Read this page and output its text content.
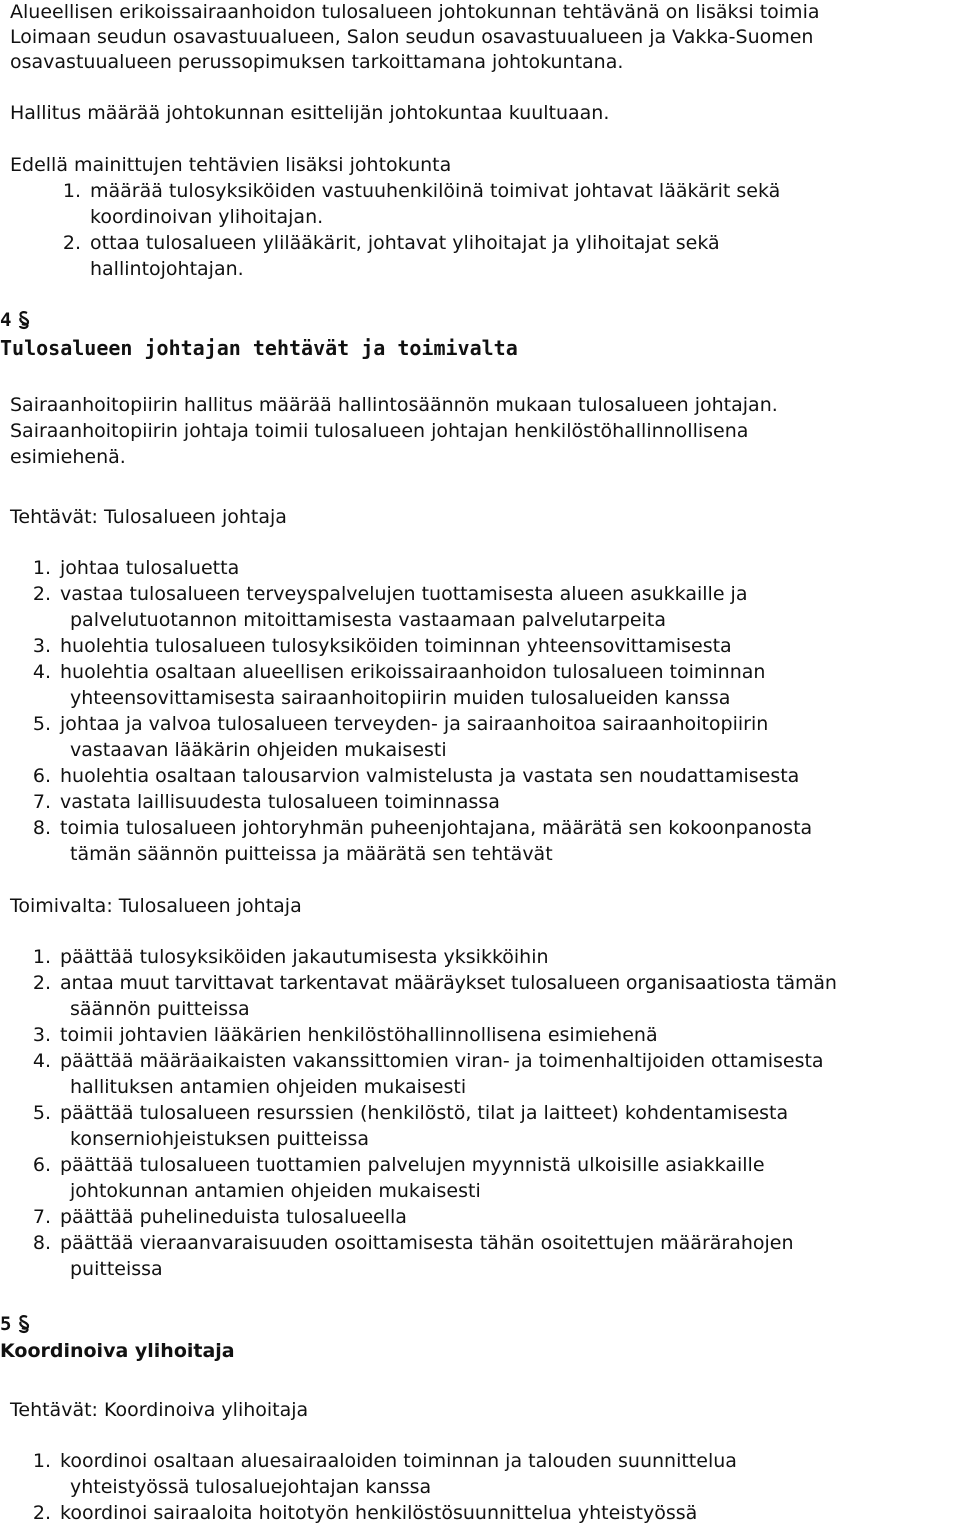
Alueellisen erikoissairaanhoidon tulosalueen johtokunnan tehtävänä on lisäksi toimia
Loimaan seudun osavastuualueen, Salon seudun osavastuualueen ja Vakka-Suomen
osavastuualueen perussopimuksen tarkoittamana johtokuntana.
Hallitus määrää johtokunnan esittelijän johtokuntaa kuultuaan.
Edellä mainittujen tehtävien lisäksi johtokunta
1. määrää tulosyksiköiden vastuuhenkilöinä toimivat johtavat lääkärit sekä
koordinoivan ylihoitajan.
2. ottaa tulosalueen ylilääkärit, johtavat ylihoitajat ja ylihoitajat sekä
hallintojohtajan.
4
Tulosalueen johtajan tehtävät ja toimivalta
Sairaanhoitopiirin hallitus määrää hallintosäännön mukaan tulosalueen johtajan.
Sairaanhoitopiirin johtaja toimii tulosalueen johtajan henkilöstöhallinnollisena
esimiehenä.
Tehtävät: Tulosalueen johtaja
1. johtaa tulosaluetta
2. vastaa tulosalueen terveyspalvelujen tuottamisesta alueen asukkaille ja
palvelutuotannon mitoittamisesta vastaamaan palvelutarpeita
3. huolehtia tulosalueen tulosyksiköiden toiminnan yhteensovittamisesta
4. huolehtia osaltaan alueellisen erikoissairaanhoidon tulosalueen toiminnan
yhteensovittamisesta sairaanhoitopiirin muiden tulosalueiden kanssa
5. johtaa ja valvoa tulosalueen terveyden- ja sairaanhoitoa sairaanhoitopiirin
vastaavan lääkärin ohjeiden mukaisesti
6. huolehtia osaltaan talousarvion valmistelusta ja vastata sen noudattamisesta
7. vastata laillisuudesta tulosalueen toiminnassa
8. toimia tulosalueen johtoryhmän puheenjohtajana, määrätä sen kokoonpanosta
tämän säännön puitteissa ja määrätä sen tehtävät
Toimivalta: Tulosalueen johtaja
1. päättää tulosyksiköiden jakautumisesta yksikköihin
2. antaa muut tarvittavat tarkentavat määräykset tulosalueen organisaatiosta tämän
säännön puitteissa
3. toimii johtavien lääkärien henkilöstöhallinnollisena esimiehenä
4. päättää määräaikaisten vakanssittomien viran- ja toimenhaltijoiden ottamisesta
hallituksen antamien ohjeiden mukaisesti
5. päättää tulosalueen resurssien (henkilöstö, tilat ja laitteet) kohdentamisesta
konserniohjeistuksen puitteissa
6. päättää tulosalueen tuottamien palvelujen myynnistä ulkoisille asiakkaille
johtokunnan antamien ohjeiden mukaisesti
7. päättää puhelineduista tulosalueella
8. päättää vieraanvaraisuuden osoittamisesta tähän osoitettujen määrärahojen
puitteissa
5
Koordinoiva ylihoitaja
Tehtävät: Koordinoiva ylihoitaja
1. koordinoi osaltaan aluesairaaloiden toiminnan ja talouden suunnittelua
yhteistyössä tulosaluejohtajan kanssa
2. koordinoi sairaaloita hoitotyön henkilöstösuunnittelua yhteistyössä
